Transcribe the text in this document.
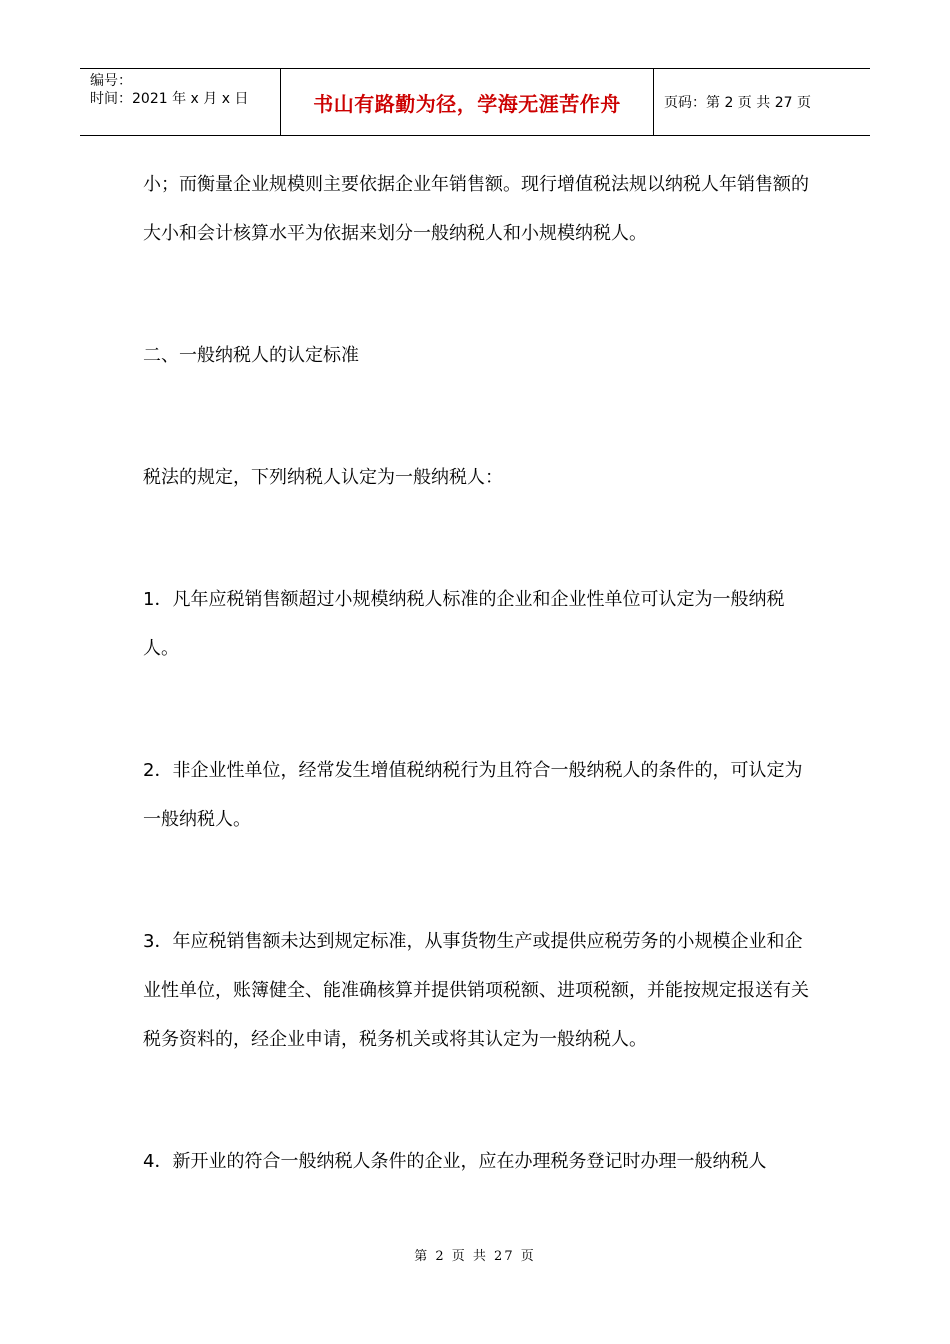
编号：
时间：2021 年 x 月 x 日	书山有路勤为径，学海无涯苦作舟	页码：第 2 页 共 27 页

小；而衡量企业规模则主要依据企业年销售额。现行增值税法规以纳税人年销售额的大小和会计核算水平为依据来划分一般纳税人和小规模纳税人。

二、一般纳税人的认定标准

税法的规定，下列纳税人认定为一般纳税人：

1．凡年应税销售额超过小规模纳税人标准的企业和企业性单位可认定为一般纳税人。

2．非企业性单位，经常发生增值税纳税行为且符合一般纳税人的条件的，可认定为一般纳税人。

3．年应税销售额未达到规定标准，从事货物生产或提供应税劳务的小规模企业和企业性单位，账簿健全、能准确核算并提供销项税额、进项税额，并能按规定报送有关税务资料的，经企业申请，税务机关或将其认定为一般纳税人。

4．新开业的符合一般纳税人条件的企业，应在办理税务登记时办理一般纳税人

第 2 页 共 27 页
